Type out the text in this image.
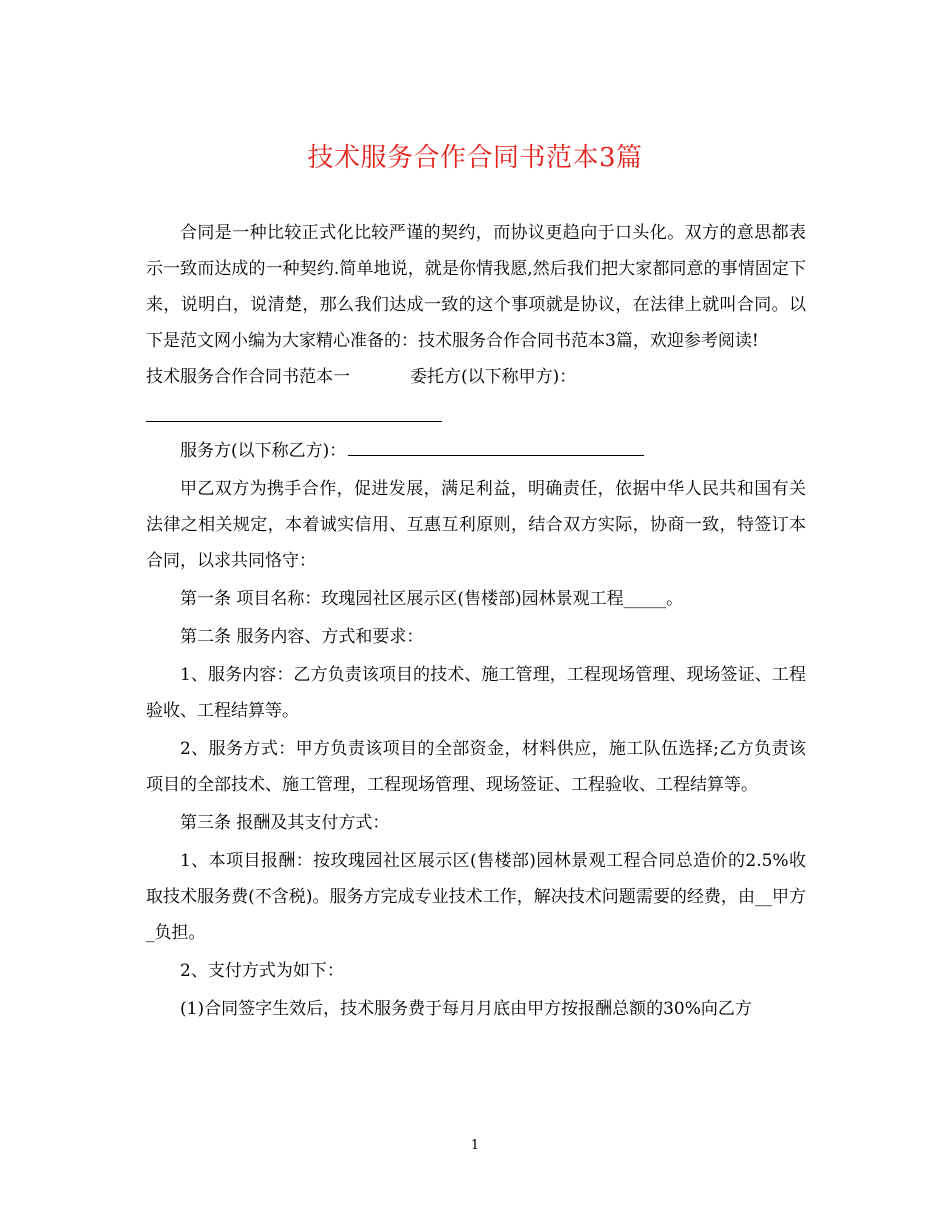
技术服务合作合同书范本3篇

合同是一种比较正式化比较严谨的契约，而协议更趋向于口头化。双方的意思都表示一致而达成的一种契约.简单地说，就是你情我愿,然后我们把大家都同意的事情固定下来，说明白，说清楚，那么我们达成一致的这个事项就是协议，在法律上就叫合同。以下是范文网小编为大家精心准备的：技术服务合作合同书范本3篇，欢迎参考阅读!

技术服务合作合同书范本一	委托方(以下称甲方)：

服务方(以下称乙方)：

甲乙双方为携手合作，促进发展，满足利益，明确责任，依据中华人民共和国有关法律之相关规定，本着诚实信用、互惠互利原则，结合双方实际，协商一致，特签订本合同，以求共同恪守：

第一条 项目名称：玫瑰园社区展示区(售楼部)园林景观工程_____。

第二条 服务内容、方式和要求：

1、服务内容：乙方负责该项目的技术、施工管理，工程现场管理、现场签证、工程验收、工程结算等。

2、服务方式：甲方负责该项目的全部资金，材料供应，施工队伍选择;乙方负责该项目的全部技术、施工管理，工程现场管理、现场签证、工程验收、工程结算等。

第三条 报酬及其支付方式：

1、本项目报酬：按玫瑰园社区展示区(售楼部)园林景观工程合同总造价的2.5%收取技术服务费(不含税)。服务方完成专业技术工作，解决技术问题需要的经费，由__甲方_负担。

2、支付方式为如下：

(1)合同签字生效后，技术服务费于每月月底由甲方按报酬总额的30%向乙方

1
